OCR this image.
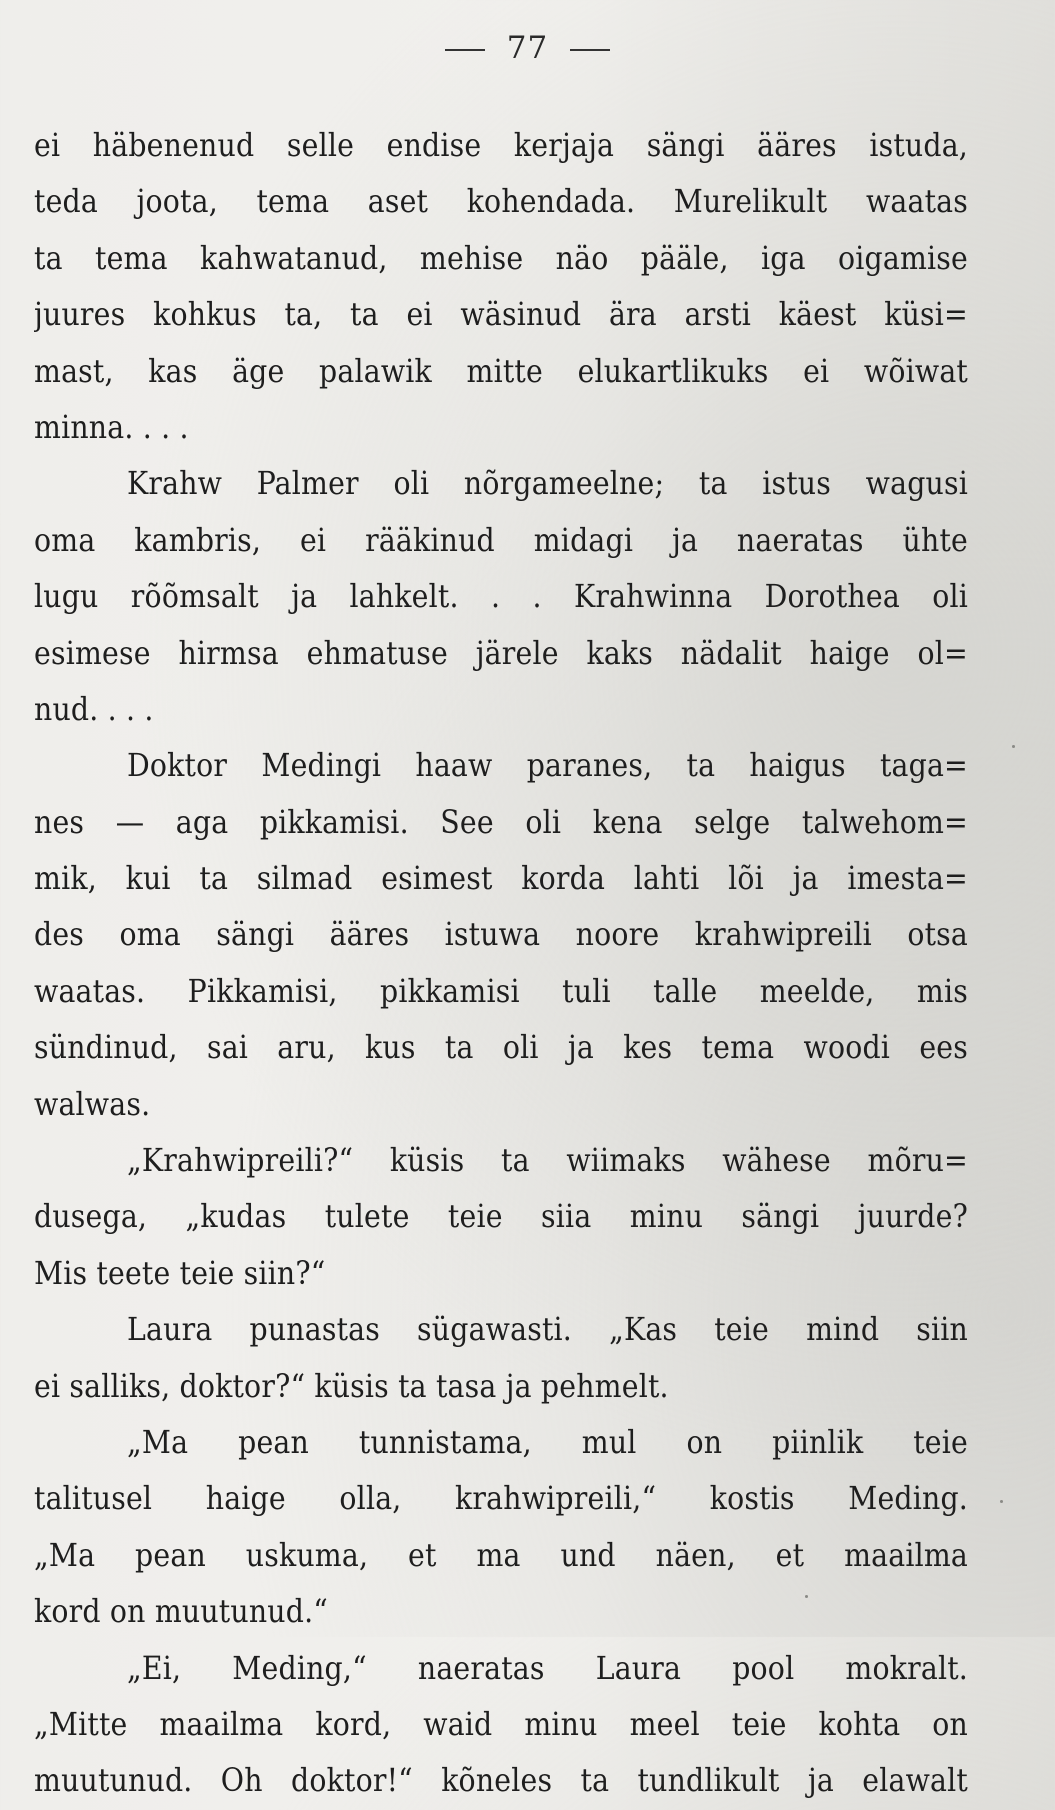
77
ei häbenenud selle endise kerjaja sängi ääres istuda,
teda joota, tema aset kohendada. Murelikult waatas
ta tema kahwatanud, mehise näo pääle, iga oigamise
juures kohkus ta, ta ei wäsinud ära arsti käest küsi=
mast, kas äge palawik mitte elukartlikuks ei wõiwat
minna. . . .
Krahw Palmer oli nõrgameelne; ta istus wagusi
oma kambris, ei rääkinud midagi ja naeratas ühte
lugu rõõmsalt ja lahkelt. . . Krahwinna Dorothea oli
esimese hirmsa ehmatuse järele kaks nädalit haige ol=
nud. . . .
Doktor Medingi haaw paranes, ta haigus taga=
nes — aga pikkamisi. See oli kena selge talwehom=
mik, kui ta silmad esimest korda lahti lõi ja imesta=
des oma sängi ääres istuwa noore krahwipreili otsa
waatas. Pikkamisi, pikkamisi tuli talle meelde, mis
sündinud, sai aru, kus ta oli ja kes tema woodi ees
walwas.
„Krahwipreili?“ küsis ta wiimaks wähese mõru=
dusega, „kudas tulete teie siia minu sängi juurde?
Mis teete teie siin?“
Laura punastas sügawasti. „Kas teie mind siin
ei salliks, doktor?“ küsis ta tasa ja pehmelt.
„Ma pean tunnistama, mul on piinlik teie
talitusel haige olla, krahwipreili,“ kostis Meding.
„Ma pean uskuma, et ma und näen, et maailma
kord on muutunud.“
„Ei, Meding,“ naeratas Laura pool mokralt.
„Mitte maailma kord, waid minu meel teie kohta on
muutunud. Oh doktor!“ kõneles ta tundlikult ja elawalt
